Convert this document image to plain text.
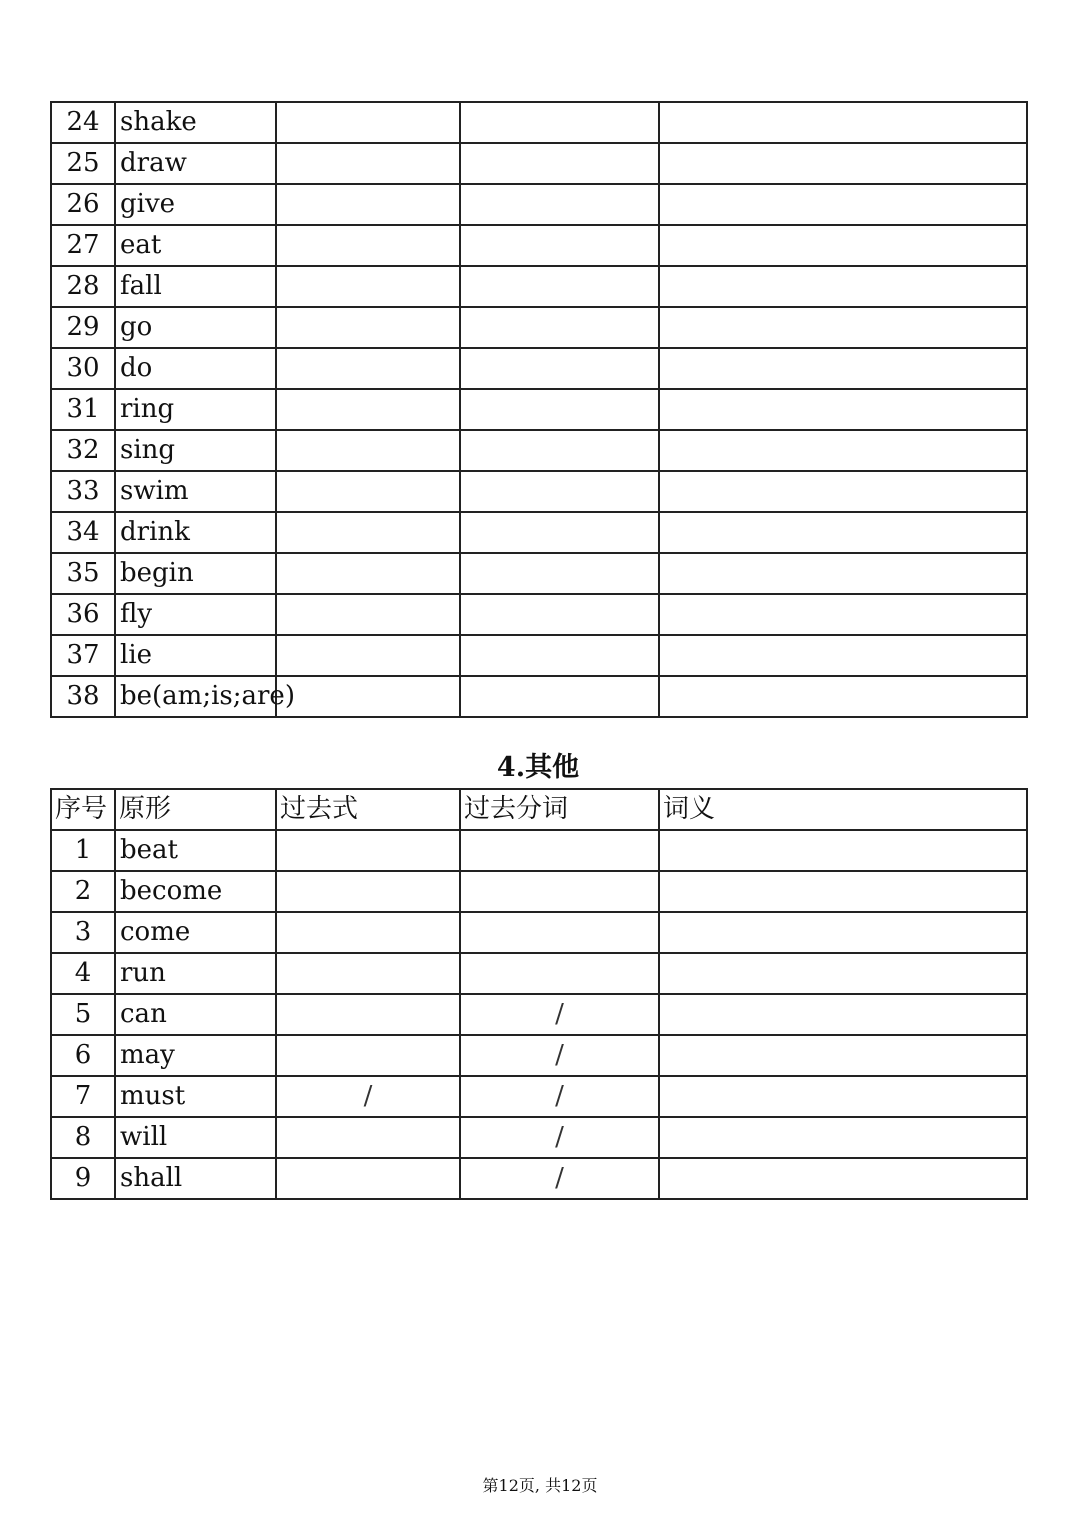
24	shake			
25	draw			
26	give			
27	eat			
28	fall			
29	go			
30	do			
31	ring			
32	sing			
33	swim			
34	drink			
35	begin			
36	fly			
37	lie			
38	be(am;is;are)			
4.其他
序号	原形	过去式	过去分词	词义
1	beat			
2	become			
3	come			
4	run			
5	can		/	
6	may		/	
7	must	/	/	
8	will		/	
9	shall		/	
第12页, 共12页
